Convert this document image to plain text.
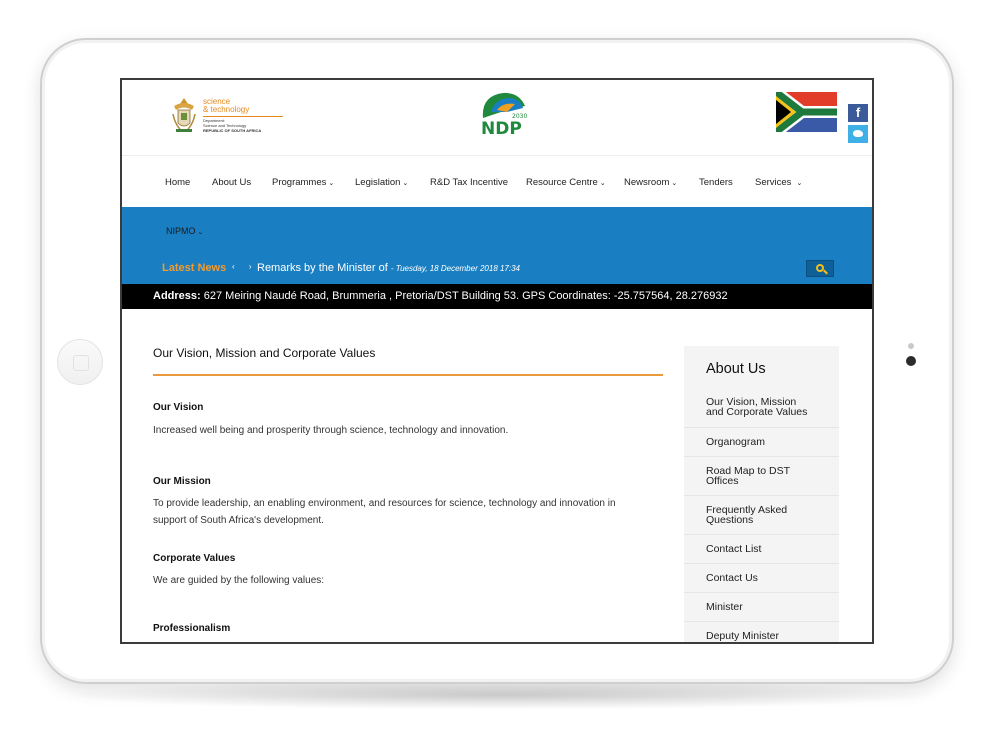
science
& technology
Department:
Science and Technology
REPUBLIC OF SOUTH AFRICA
2030
NDP
f
Home About Us Programmes ⌄ Legislation ⌄ R&D Tax Incentive Resource Centre ⌄ Newsroom ⌄ Tenders Services ⌄
NIPMO ⌄
Latest News ‹ › Remarks by the Minister of - Tuesday, 18 December 2018 17:34
Address: 627 Meiring Naudé Road, Brummeria , Pretoria/DST Building 53. GPS Coordinates: -25.757564, 28.276932
Our Vision, Mission and Corporate Values
Our Vision
Increased well being and prosperity through science, technology and innovation.
Our Mission
To provide leadership, an enabling environment, and resources for science, technology and innovation in
support of South Africa's development.
Corporate Values
We are guided by the following values:
Professionalism
About Us
Our Vision, Mission
and Corporate Values
Organogram
Road Map to DST
Offices
Frequently Asked
Questions
Contact List
Contact Us
Minister
Deputy Minister
